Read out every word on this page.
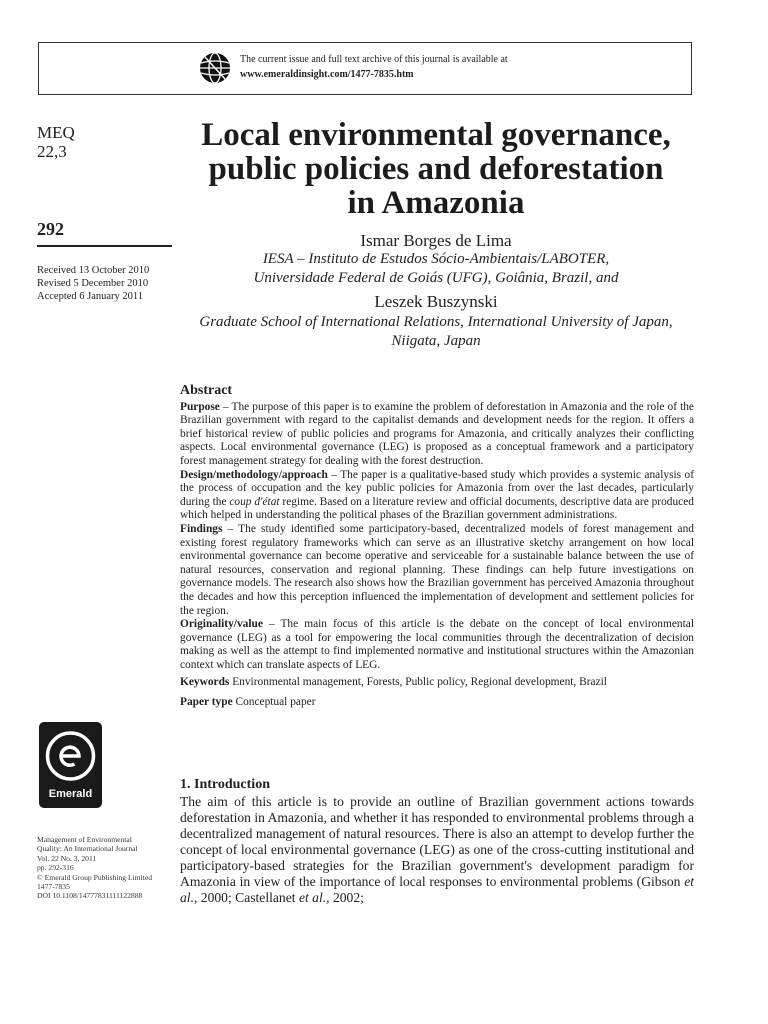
The current issue and full text archive of this journal is available at
www.emeraldinsight.com/1477-7835.htm
MEQ
22,3
292
Received 13 October 2010
Revised 5 December 2010
Accepted 6 January 2011
Emerald
Management of Environmental
Quality: An International Journal
Vol. 22 No. 3, 2011
pp. 292-316
© Emerald Group Publishing Limited
1477-7835
DOI 10.1108/14777831111122888
Local environmental governance,
public policies and deforestation
in Amazonia
Ismar Borges de Lima
IESA – Instituto de Estudos Sócio-Ambientais/LABOTER,
Universidade Federal de Goiás (UFG), Goiânia, Brazil, and
Leszek Buszynski
Graduate School of International Relations, International University of Japan,
Niigata, Japan
Abstract

Purpose – The purpose of this paper is to examine the problem of deforestation in Amazonia and the role of the Brazilian government with regard to the capitalist demands and development needs for the region. It offers a brief historical review of public policies and programs for Amazonia, and critically analyzes their conflicting aspects. Local environmental governance (LEG) is proposed as a conceptual framework and a participatory forest management strategy for dealing with the forest destruction.

Design/methodology/approach – The paper is a qualitative-based study which provides a systemic analysis of the process of occupation and the key public policies for Amazonia from over the last decades, particularly during the coup d'état regime. Based on a literature review and official documents, descriptive data are produced which helped in understanding the political phases of the Brazilian government administrations.

Findings – The study identified some participatory-based, decentralized models of forest management and existing forest regulatory frameworks which can serve as an illustrative sketchy arrangement on how local environmental governance can become operative and serviceable for a sustainable balance between the use of natural resources, conservation and regional planning. These findings can help future investigations on governance models. The research also shows how the Brazilian government has perceived Amazonia throughout the decades and how this perception influenced the implementation of development and settlement policies for the region.

Originality/value – The main focus of this article is the debate on the concept of local environmental governance (LEG) as a tool for empowering the local communities through the decentralization of decision making as well as the attempt to find implemented normative and institutional structures within the Amazonian context which can translate aspects of LEG.

Keywords Environmental management, Forests, Public policy, Regional development, Brazil

Paper type Conceptual paper

1. Introduction

The aim of this article is to provide an outline of Brazilian government actions towards deforestation in Amazonia, and whether it has responded to environmental problems through a decentralized management of natural resources. There is also an attempt to develop further the concept of local environmental governance (LEG) as one of the cross-cutting institutional and participatory-based strategies for the Brazilian government's development paradigm for Amazonia in view of the importance of local responses to environmental problems (Gibson et al., 2000; Castellanet et al., 2002;
